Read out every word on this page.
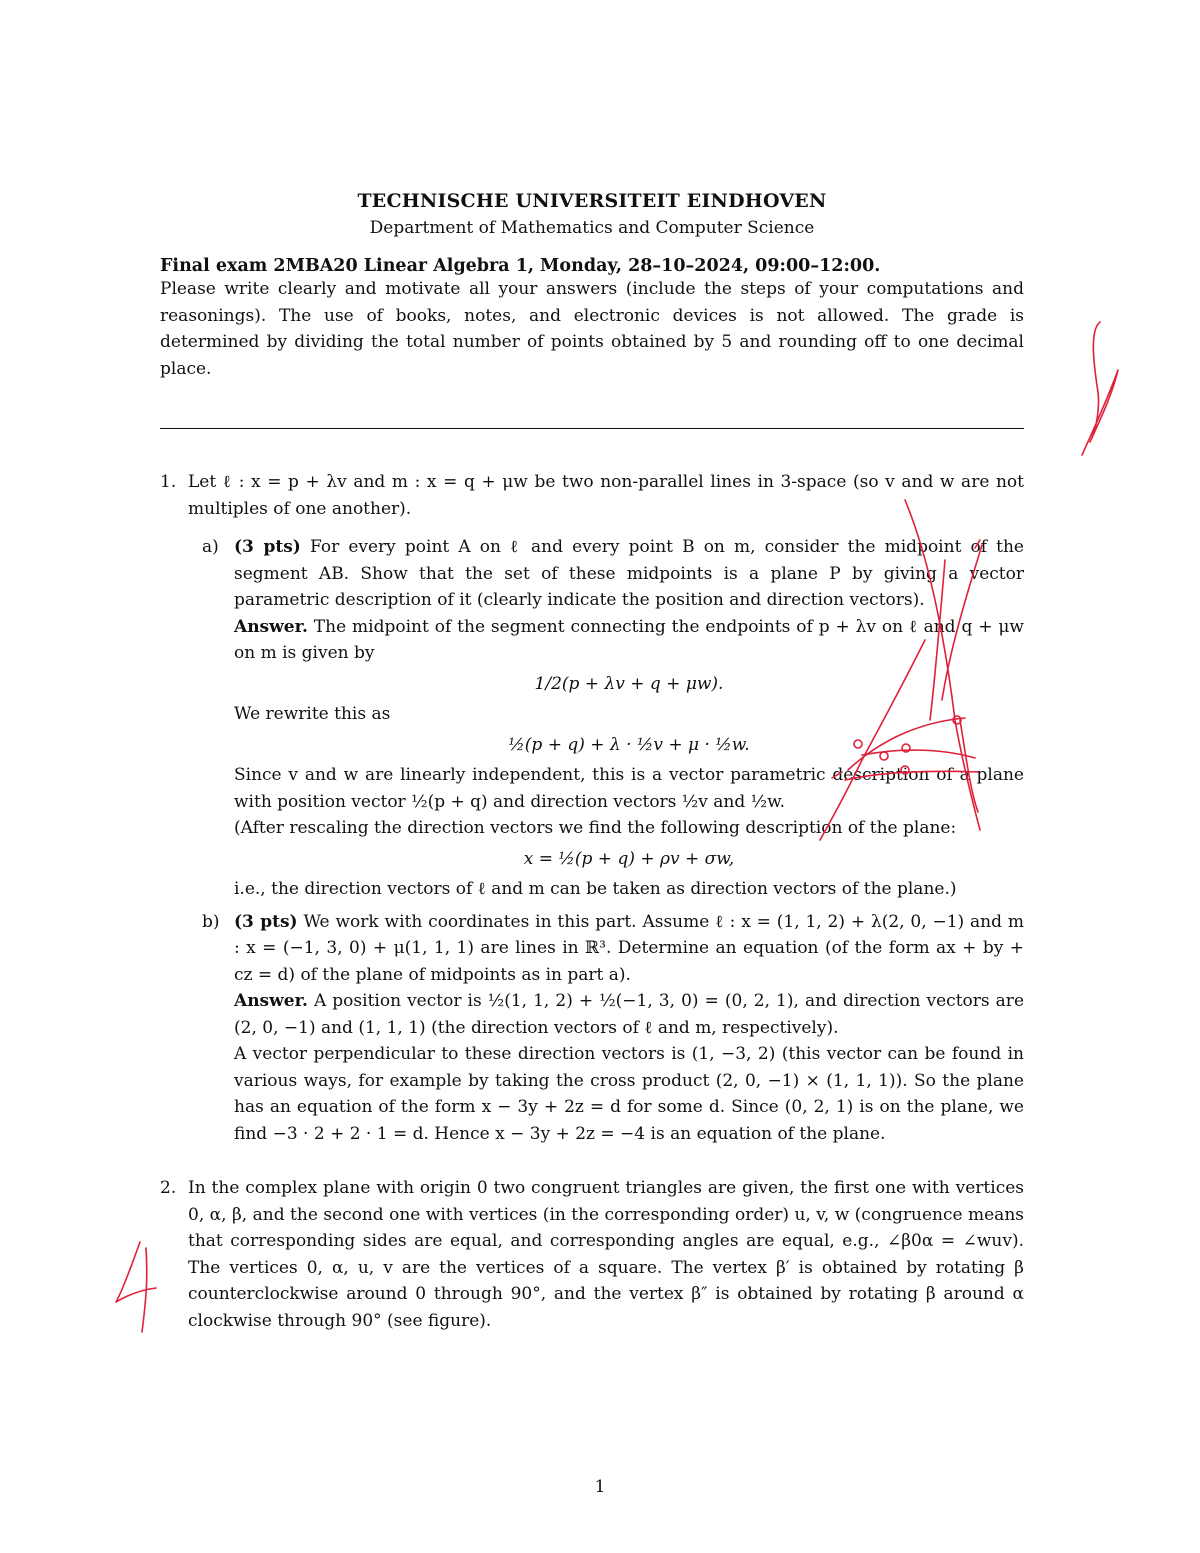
TECHNISCHE UNIVERSITEIT EINDHOVEN
Department of Mathematics and Computer Science
Final exam 2MBA20 Linear Algebra 1, Monday, 28–10–2024, 09:00–12:00.
Please write clearly and motivate all your answers (include the steps of your computations and reasonings). The use of books, notes, and electronic devices is not allowed. The grade is determined by dividing the total number of points obtained by 5 and rounding off to one decimal place.
1. Let ℓ : x = p + λv and m : x = q + μw be two non-parallel lines in 3-space (so v and w are not multiples of one another).
a) (3 pts) For every point A on ℓ and every point B on m, consider the midpoint of the segment AB. Show that the set of these midpoints is a plane P by giving a vector parametric description of it (clearly indicate the position and direction vectors).
Answer. The midpoint of the segment connecting the endpoints of p + λv on ℓ and q + μw on m is given by
1/2(p + λv + q + μw).
We rewrite this as
½(p + q) + λ · ½v + μ · ½w.
Since v and w are linearly independent, this is a vector parametric description of a plane with position vector ½(p + q) and direction vectors ½v and ½w.
(After rescaling the direction vectors we find the following description of the plane:
x = ½(p + q) + ρv + σw,
i.e., the direction vectors of ℓ and m can be taken as direction vectors of the plane.)
b) (3 pts) We work with coordinates in this part. Assume ℓ : x = (1, 1, 2) + λ(2, 0, −1) and m : x = (−1, 3, 0) + μ(1, 1, 1) are lines in ℝ³. Determine an equation (of the form ax + by + cz = d) of the plane of midpoints as in part a).
Answer. A position vector is ½(1, 1, 2) + ½(−1, 3, 0) = (0, 2, 1), and direction vectors are (2, 0, −1) and (1, 1, 1) (the direction vectors of ℓ and m, respectively).
A vector perpendicular to these direction vectors is (1, −3, 2) (this vector can be found in various ways, for example by taking the cross product (2, 0, −1) × (1, 1, 1)). So the plane has an equation of the form x − 3y + 2z = d for some d. Since (0, 2, 1) is on the plane, we find −3 · 2 + 2 · 1 = d. Hence x − 3y + 2z = −4 is an equation of the plane.
2. In the complex plane with origin 0 two congruent triangles are given, the first one with vertices 0, α, β, and the second one with vertices (in the corresponding order) u, v, w (congruence means that corresponding sides are equal, and corresponding angles are equal, e.g., ∠β0α = ∠wuv). The vertices 0, α, u, v are the vertices of a square. The vertex β′ is obtained by rotating β counterclockwise around 0 through 90°, and the vertex β″ is obtained by rotating β around α clockwise through 90° (see figure).
1
